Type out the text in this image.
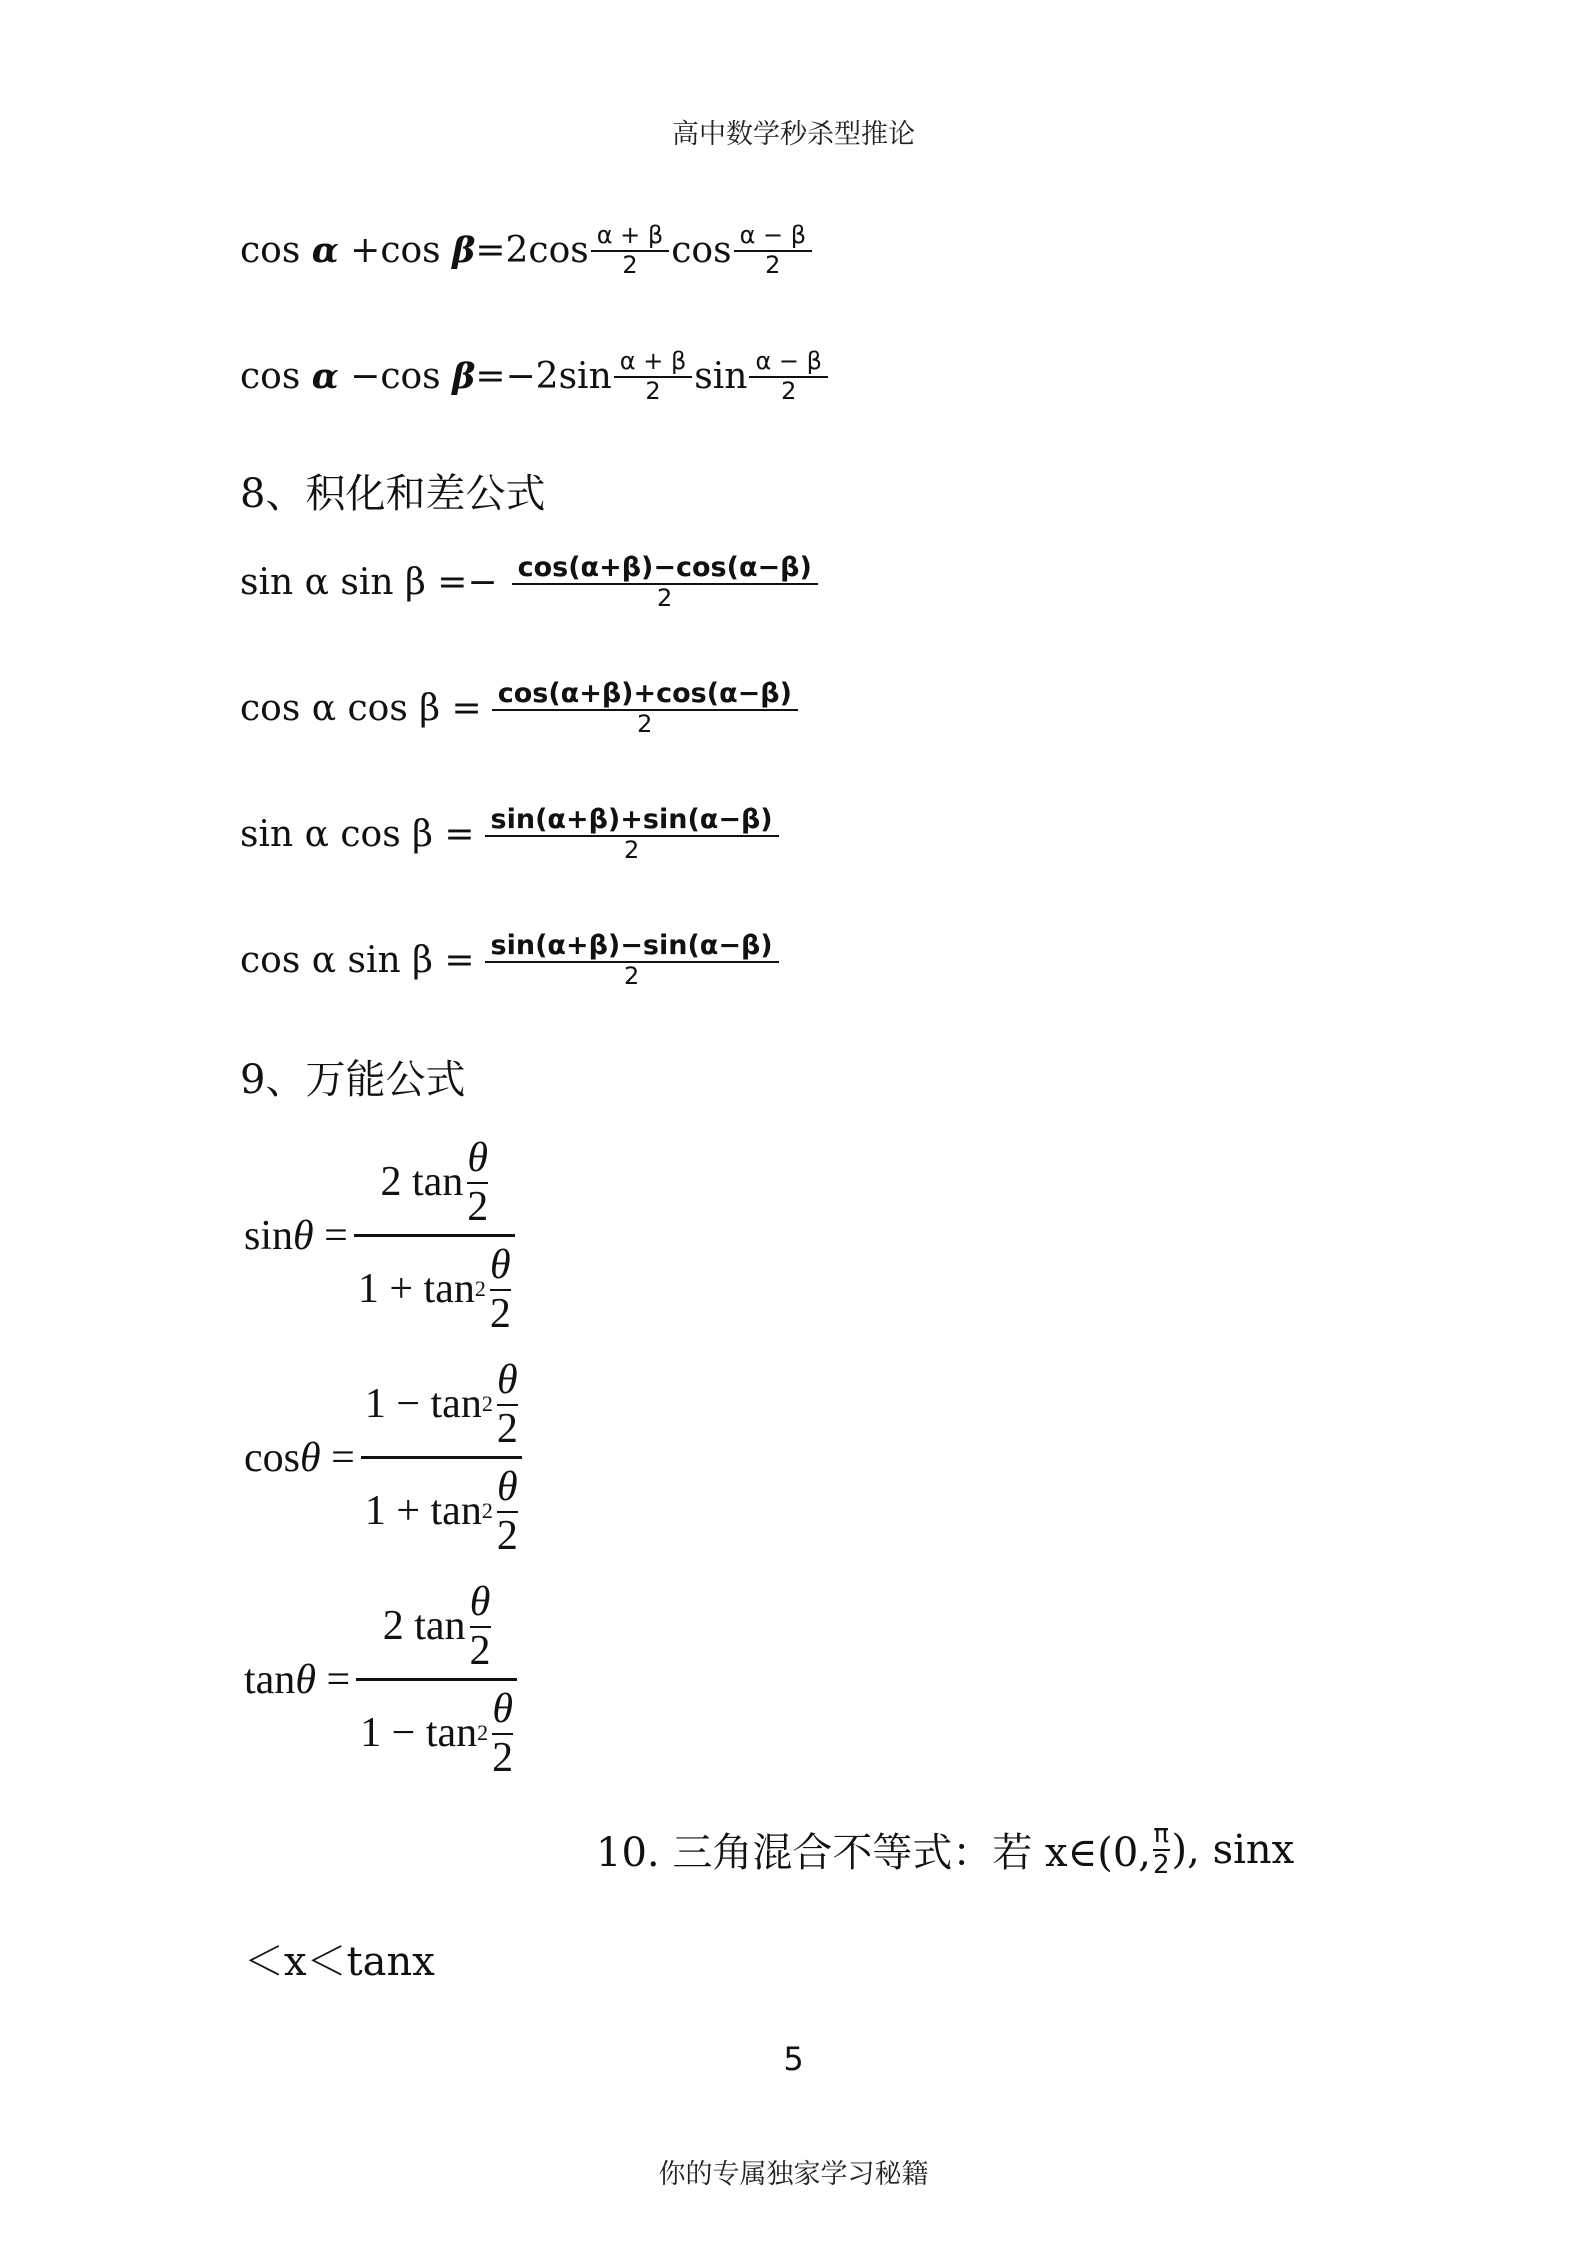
高中数学秒杀型推论
cos
α
+cos
$\beta =2\cos \frac{\alpha + \beta}{2}$ $\cos \frac{\alpha - \beta}{2}$
cos
α
−cos
$\beta =-2\sin \frac{\alpha + \beta}{2}$ $\sin \frac{\alpha - \beta}{2}$
8、积化和差公式
sin α $\sin \beta =- \frac{\cos(\alpha+\beta)-\cos(\alpha-\beta)}{2}$
cos α $\cos \beta = \frac{\cos(\alpha+\beta)+\cos(\alpha-\beta)}{2}$
sin α $\cos \beta = \frac{\sin(\alpha+\beta)+\sin(\alpha-\beta)}{2}$
cos α $\sin \beta = \frac{\sin(\alpha+\beta)-\sin(\alpha-\beta)}{2}$
9、万能公式
sin θ
=
2 tan
θ
2
1 + tan 2
θ
2
cos θ
=
1 − tan 2
θ
2
1 + tan 2
θ
2
tan θ
=
2 tan
θ
2
1 − tan 2
θ
2
10. 三角混合不等式：若 x∈(0, π
2 ), sinx
＜x＜tanx
5
你的专属独家学习秘籍
